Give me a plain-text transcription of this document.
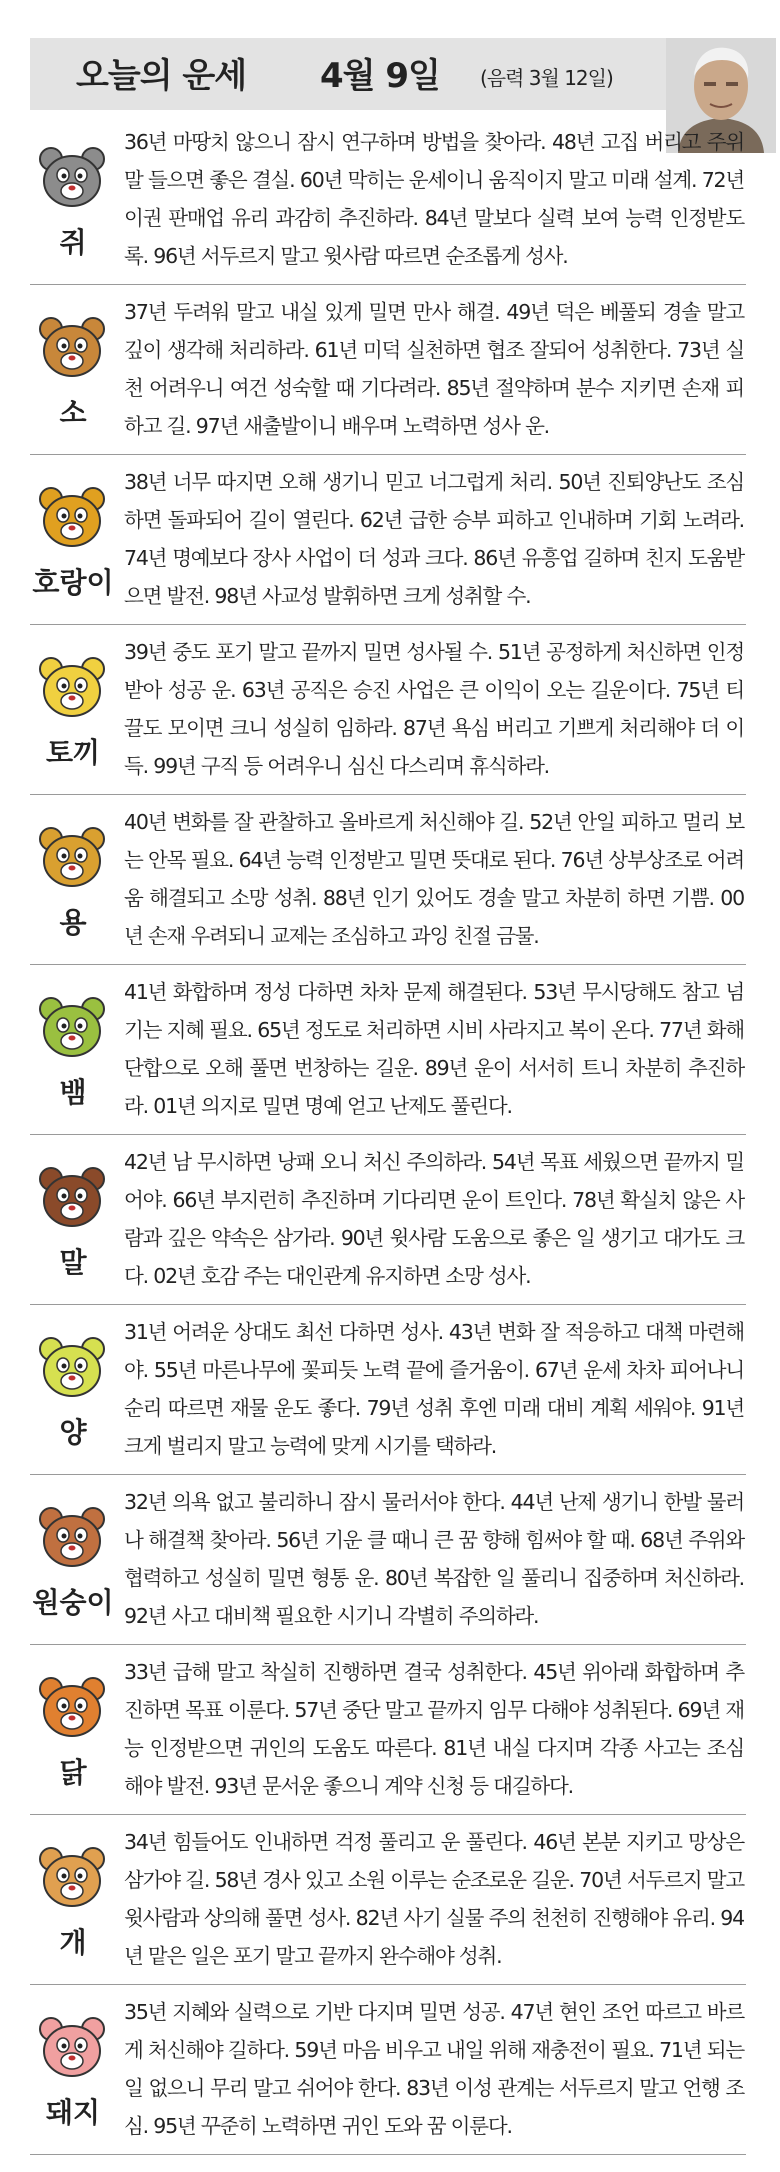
오늘의 운세 4월 9일 (음력 3월 12일)
쥐
36년 마땅치 않으니 잠시 연구하며 방법을 찾아라. 48년 고집 버리고 주위 말 들으면 좋은 결실. 60년 막히는 운세이니 움직이지 말고 미래 설계. 72년 이권 판매업 유리 과감히 추진하라. 84년 말보다 실력 보여 능력 인정받도록. 96년 서두르지 말고 윗사람 따르면 순조롭게 성사.
소
37년 두려워 말고 내실 있게 밀면 만사 해결. 49년 덕은 베풀되 경솔 말고 깊이 생각해 처리하라. 61년 미덕 실천하면 협조 잘되어 성취한다. 73년 실천 어려우니 여건 성숙할 때 기다려라. 85년 절약하며 분수 지키면 손재 피하고 길. 97년 새출발이니 배우며 노력하면 성사 운.
호랑이
38년 너무 따지면 오해 생기니 믿고 너그럽게 처리. 50년 진퇴양난도 조심하면 돌파되어 길이 열린다. 62년 급한 승부 피하고 인내하며 기회 노려라. 74년 명예보다 장사 사업이 더 성과 크다. 86년 유흥업 길하며 친지 도움받으면 발전. 98년 사교성 발휘하면 크게 성취할 수.
토끼
39년 중도 포기 말고 끝까지 밀면 성사될 수. 51년 공정하게 처신하면 인정받아 성공 운. 63년 공직은 승진 사업은 큰 이익이 오는 길운이다. 75년 티끌도 모이면 크니 성실히 임하라. 87년 욕심 버리고 기쁘게 처리해야 더 이득. 99년 구직 등 어려우니 심신 다스리며 휴식하라.
용
40년 변화를 잘 관찰하고 올바르게 처신해야 길. 52년 안일 피하고 멀리 보는 안목 필요. 64년 능력 인정받고 밀면 뜻대로 된다. 76년 상부상조로 어려움 해결되고 소망 성취. 88년 인기 있어도 경솔 말고 차분히 하면 기쁨. 00년 손재 우려되니 교제는 조심하고 과잉 친절 금물.
뱀
41년 화합하며 정성 다하면 차차 문제 해결된다. 53년 무시당해도 참고 넘기는 지혜 필요. 65년 정도로 처리하면 시비 사라지고 복이 온다. 77년 화해 단합으로 오해 풀면 번창하는 길운. 89년 운이 서서히 트니 차분히 추진하라. 01년 의지로 밀면 명예 얻고 난제도 풀린다.
말
42년 남 무시하면 낭패 오니 처신 주의하라. 54년 목표 세웠으면 끝까지 밀어야. 66년 부지런히 추진하며 기다리면 운이 트인다. 78년 확실치 않은 사람과 깊은 약속은 삼가라. 90년 윗사람 도움으로 좋은 일 생기고 대가도 크다. 02년 호감 주는 대인관계 유지하면 소망 성사.
양
31년 어려운 상대도 최선 다하면 성사. 43년 변화 잘 적응하고 대책 마련해야. 55년 마른나무에 꽃피듯 노력 끝에 즐거움이. 67년 운세 차차 피어나니 순리 따르면 재물 운도 좋다. 79년 성취 후엔 미래 대비 계획 세워야. 91년 크게 벌리지 말고 능력에 맞게 시기를 택하라.
원숭이
32년 의욕 없고 불리하니 잠시 물러서야 한다. 44년 난제 생기니 한발 물러나 해결책 찾아라. 56년 기운 클 때니 큰 꿈 향해 힘써야 할 때. 68년 주위와 협력하고 성실히 밀면 형통 운. 80년 복잡한 일 풀리니 집중하며 처신하라. 92년 사고 대비책 필요한 시기니 각별히 주의하라.
닭
33년 급해 말고 착실히 진행하면 결국 성취한다. 45년 위아래 화합하며 추진하면 목표 이룬다. 57년 중단 말고 끝까지 임무 다해야 성취된다. 69년 재능 인정받으면 귀인의 도움도 따른다. 81년 내실 다지며 각종 사고는 조심해야 발전. 93년 문서운 좋으니 계약 신청 등 대길하다.
개
34년 힘들어도 인내하면 걱정 풀리고 운 풀린다. 46년 본분 지키고 망상은 삼가야 길. 58년 경사 있고 소원 이루는 순조로운 길운. 70년 서두르지 말고 윗사람과 상의해 풀면 성사. 82년 사기 실물 주의 천천히 진행해야 유리. 94년 맡은 일은 포기 말고 끝까지 완수해야 성취.
돼지
35년 지혜와 실력으로 기반 다지며 밀면 성공. 47년 현인 조언 따르고 바르게 처신해야 길하다. 59년 마음 비우고 내일 위해 재충전이 필요. 71년 되는 일 없으니 무리 말고 쉬어야 한다. 83년 이성 관계는 서두르지 말고 언행 조심. 95년 꾸준히 노력하면 귀인 도와 꿈 이룬다.
